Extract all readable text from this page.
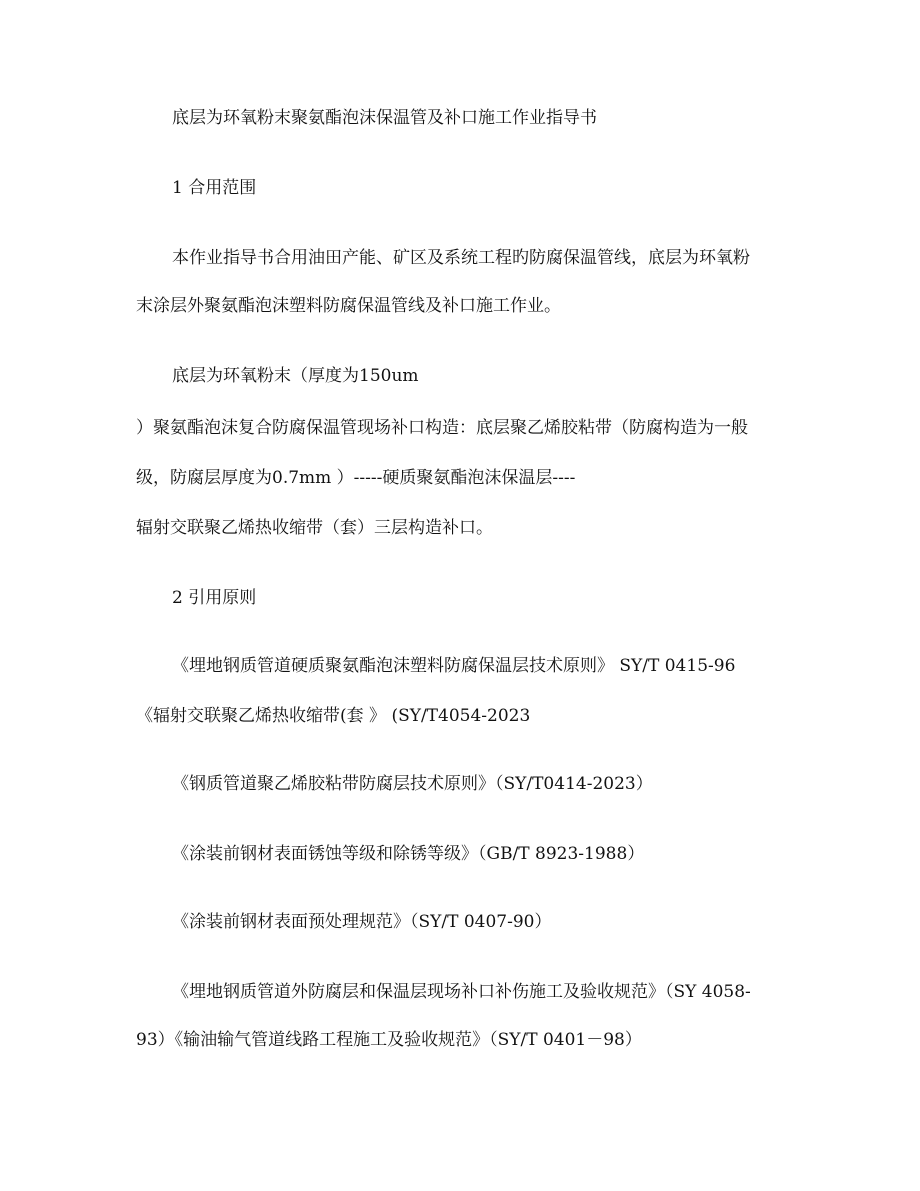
底层为环氧粉末聚氨酯泡沫保温管及补口施工作业指导书
1 合用范围
本作业指导书合用油田产能、矿区及系统工程旳防腐保温管线，底层为环氧粉
末涂层外聚氨酯泡沫塑料防腐保温管线及补口施工作业。
底层为环氧粉末（厚度为150um
）聚氨酯泡沫复合防腐保温管现场补口构造：底层聚乙烯胶粘带（防腐构造为一般
级，防腐层厚度为0.7mm ）-----硬质聚氨酯泡沫保温层----
辐射交联聚乙烯热收缩带（套）三层构造补口。
2 引用原则
《埋地钢质管道硬质聚氨酯泡沫塑料防腐保温层技术原则》 SY/T 0415-96
《辐射交联聚乙烯热收缩带(套 》 (SY/T4054-2023
《钢质管道聚乙烯胶粘带防腐层技术原则》（SY/T0414-2023）
《涂装前钢材表面锈蚀等级和除锈等级》（GB/T 8923-1988）
《涂装前钢材表面预处理规范》（SY/T 0407-90）
《埋地钢质管道外防腐层和保温层现场补口补伤施工及验收规范》（SY 4058-
93）《输油输气管道线路工程施工及验收规范》（SY/T 0401－98）
